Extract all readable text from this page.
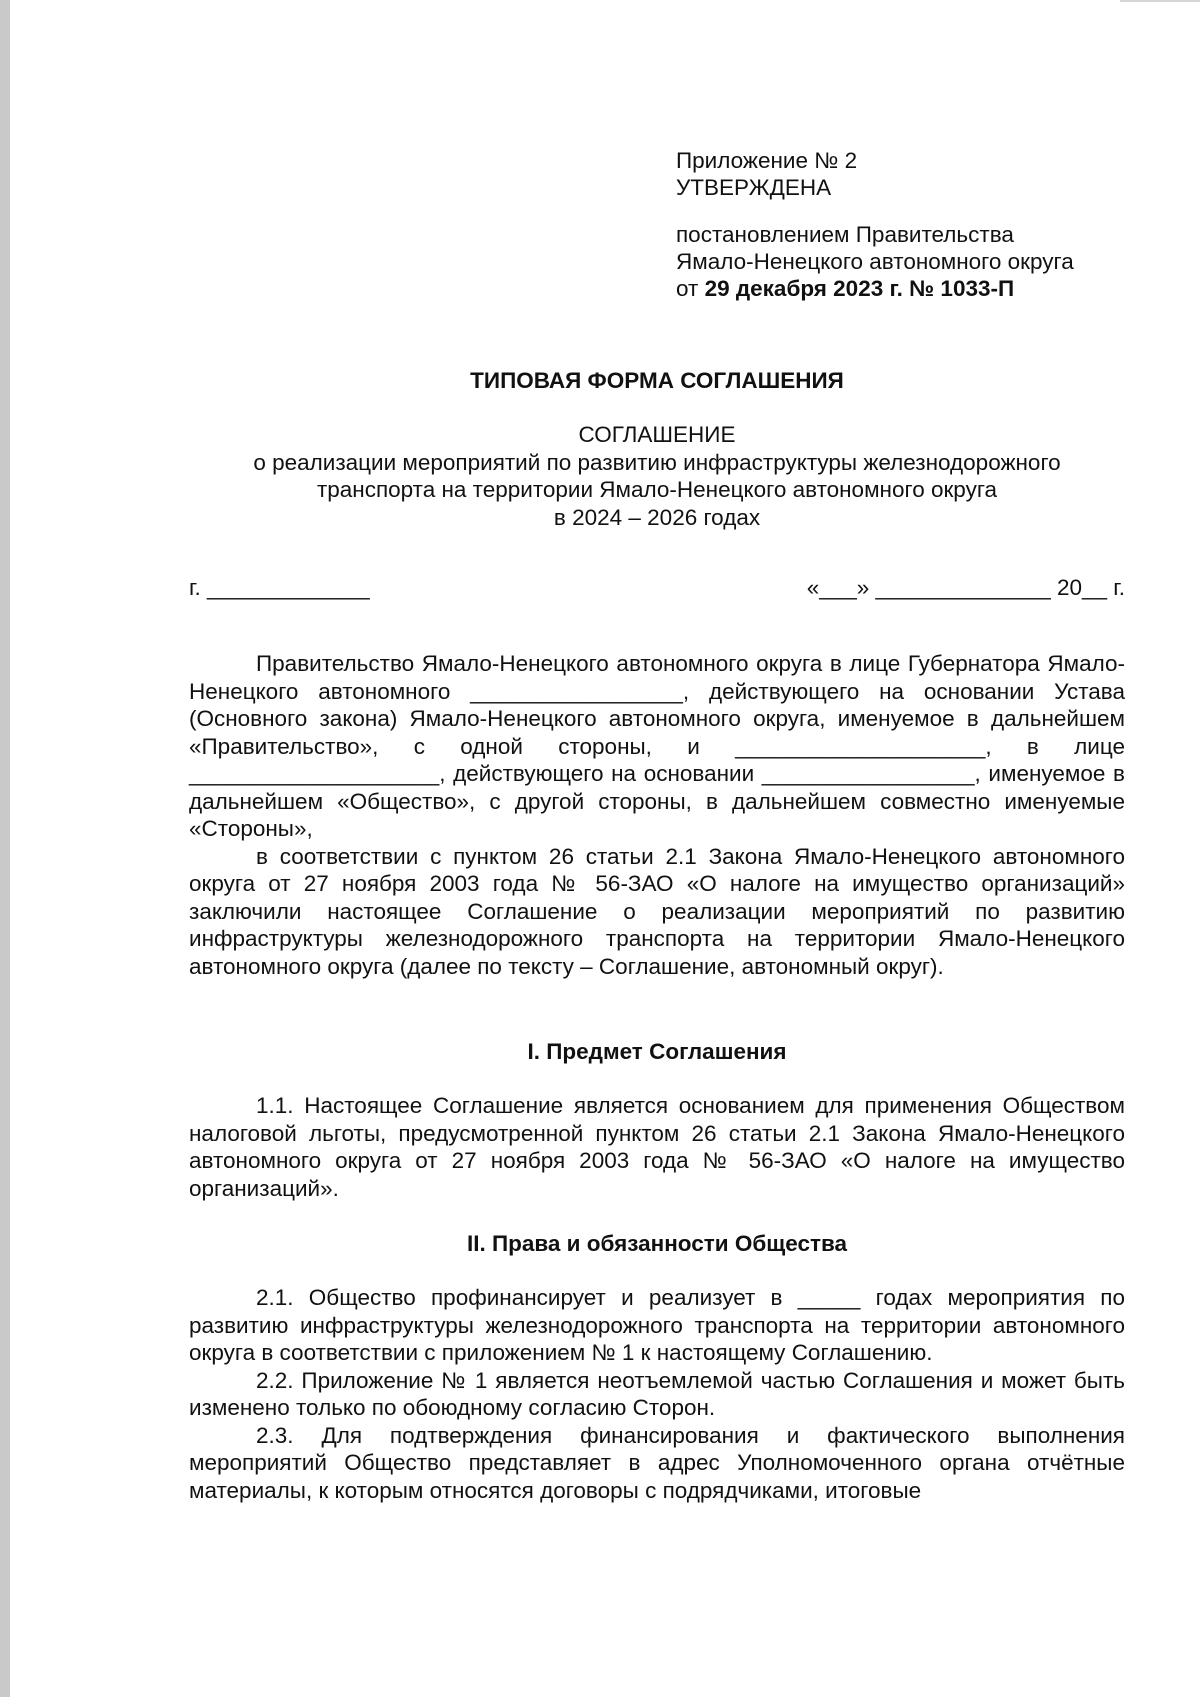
Приложение № 2
УТВЕРЖДЕНА
постановлением Правительства
Ямало-Ненецкого автономного округа
от 29 декабря 2023 г. № 1033-П
ТИПОВАЯ ФОРМА СОГЛАШЕНИЯ
СОГЛАШЕНИЕ
о реализации мероприятий по развитию инфраструктуры железнодорожного
транспорта на территории Ямало-Ненецкого автономного округа
в 2024 – 2026 годах
г. _____________	«___» ______________ 20__ г.

Правительство Ямало-Ненецкого автономного округа в лице Губернатора Ямало-Ненецкого автономного _________________, действующего на основании Устава (Основного закона) Ямало-Ненецкого автономного округа, именуемое в дальнейшем «Правительство», с одной стороны, и ____________________, в лице ____________________, действующего на основании _________________, именуемое в дальнейшем «Общество», с другой стороны, в дальнейшем совместно именуемые «Стороны»,

в соответствии с пунктом 26 статьи 2.1 Закона Ямало-Ненецкого автономного округа от 27 ноября 2003 года № 56-ЗАО «О налоге на имущество организаций» заключили настоящее Соглашение о реализации мероприятий по развитию инфраструктуры железнодорожного транспорта на территории Ямало-Ненецкого автономного округа (далее по тексту – Соглашение, автономный округ).

I. Предмет Соглашения

1.1. Настоящее Соглашение является основанием для применения Обществом налоговой льготы, предусмотренной пунктом 26 статьи 2.1 Закона Ямало-Ненецкого автономного округа от 27 ноября 2003 года № 56-ЗАО «О налоге на имущество организаций».

II. Права и обязанности Общества

2.1. Общество профинансирует и реализует в _____ годах мероприятия по развитию инфраструктуры железнодорожного транспорта на территории автономного округа в соответствии с приложением № 1 к настоящему Соглашению.

2.2. Приложение № 1 является неотъемлемой частью Соглашения и может быть изменено только по обоюдному согласию Сторон.

2.3. Для подтверждения финансирования и фактического выполнения мероприятий Общество представляет в адрес Уполномоченного органа отчётные материалы, к которым относятся договоры с подрядчиками, итоговые
